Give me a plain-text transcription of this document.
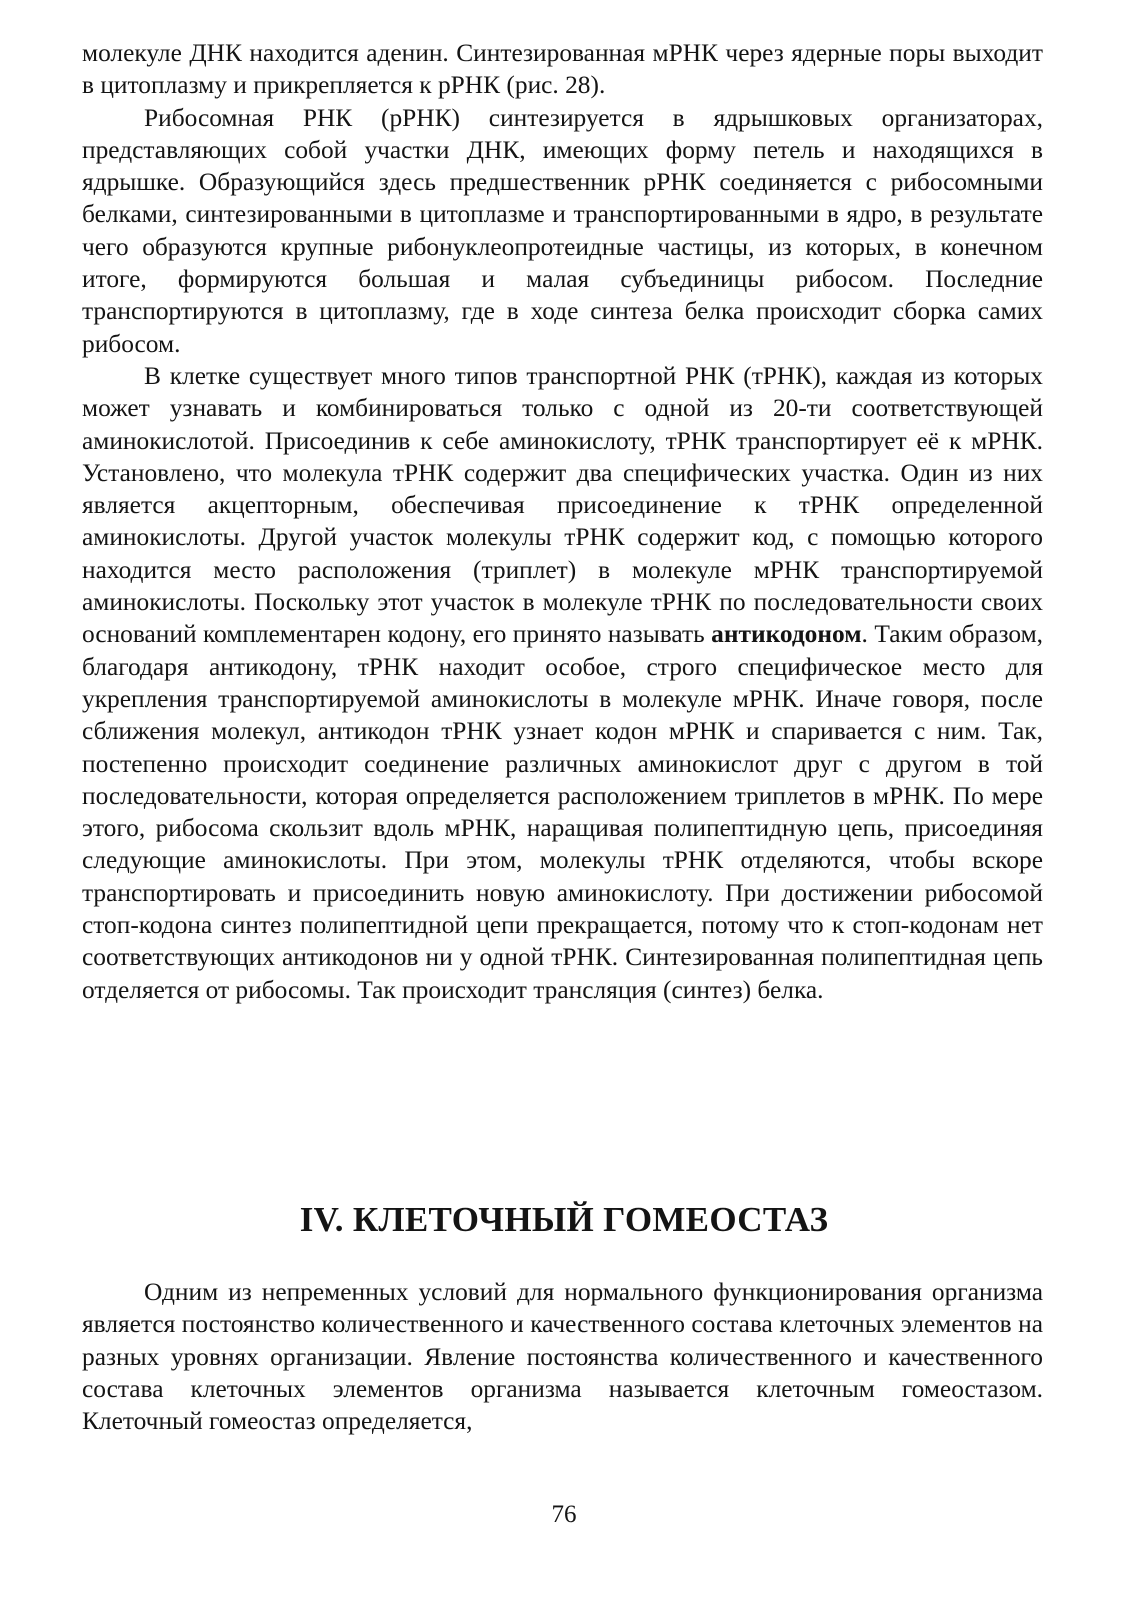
молекуле ДНК находится аденин. Синтезированная мРНК через ядерные поры выходит в цитоплазму и прикрепляется к рРНК (рис. 28).

Рибосомная РНК (рРНК) синтезируется в ядрышковых организаторах, представляющих собой участки ДНК, имеющих форму петель и находящихся в ядрышке. Образующийся здесь предшественник рРНК соединяется с рибосомными белками, синтезированными в цитоплазме и транспортированными в ядро, в результате чего образуются крупные рибонуклеопротеидные частицы, из которых, в конечном итоге, формируются большая и малая субъединицы рибосом. Последние транспортируются в цитоплазму, где в ходе синтеза белка происходит сборка самих рибосом.

В клетке существует много типов транспортной РНК (тРНК), каждая из которых может узнавать и комбинироваться только с одной из 20-ти соответствующей аминокислотой. Присоединив к себе аминокислоту, тРНК транспортирует её к мРНК. Установлено, что молекула тРНК содержит два специфических участка. Один из них является акцепторным, обеспечивая присоединение к тРНК определенной аминокислоты. Другой участок молекулы тРНК содержит код, с помощью которого находится место расположения (триплет) в молекуле мРНК транспортируемой аминокислоты. Поскольку этот участок в молекуле тРНК по последовательности своих оснований комплементарен кодону, его принято называть антикодоном. Таким образом, благодаря антикодону, тРНК находит особое, строго специфическое место для укрепления транспортируемой аминокислоты в молекуле мРНК. Иначе говоря, после сближения молекул, антикодон тРНК узнает кодон мРНК и спаривается с ним. Так, постепенно происходит соединение различных аминокислот друг с другом в той последовательности, которая определяется расположением триплетов в мРНК. По мере этого, рибосома скользит вдоль мРНК, наращивая полипептидную цепь, присоединяя следующие аминокислоты. При этом, молекулы тРНК отделяются, чтобы вскоре транспортировать и присоединить новую аминокислоту. При достижении рибосомой стоп-кодона синтез полипептидной цепи прекращается, потому что к стоп-кодонам нет соответствующих антикодонов ни у одной тРНК. Синтезированная полипептидная цепь отделяется от рибосомы. Так происходит трансляция (синтез) белка.

IV. КЛЕТОЧНЫЙ ГОМЕОСТАЗ

Одним из непременных условий для нормального функционирования организма является постоянство количественного и качественного состава клеточных элементов на разных уровнях организации. Явление постоянства количественного и качественного состава клеточных элементов организма называется клеточным гомеостазом. Клеточный гомеостаз определяется,

76
